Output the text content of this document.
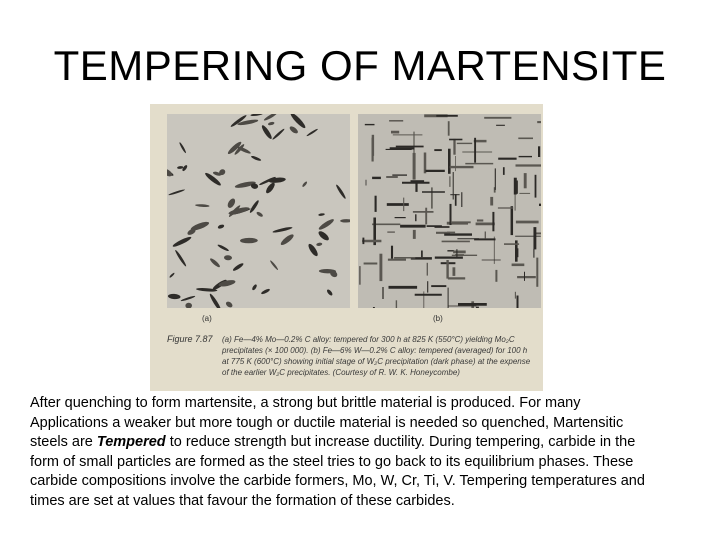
TEMPERING OF MARTENSITE
(a)	(b)
Figure 7.87 (a) Fe—4% Mo—0.2% C alloy: tempered for 300 h at 825 K (550°C) yielding Mo₂C precipitates (× 100 000). (b) Fe—6% W—0.2% C alloy: tempered (averaged) for 100 h at 775 K (600°C) showing initial stage of W₂C precipitation (dark phase) at the expense of the earlier W₂C precipitates. (Courtesy of R. W. K. Honeycombe)
After quenching to form martensite, a strong but brittle material is produced. For many
Applications a weaker but more tough or ductile material is needed so quenched, Martensitic
steels are Tempered to reduce strength but increase ductility. During tempering, carbide in the
form of small particles are formed as the steel tries to go back to its equilibrium phases. These
carbide compositions involve the carbide formers, Mo, W, Cr, Ti, V. Tempering temperatures and
times are set at values that favour the formation of these carbides.
